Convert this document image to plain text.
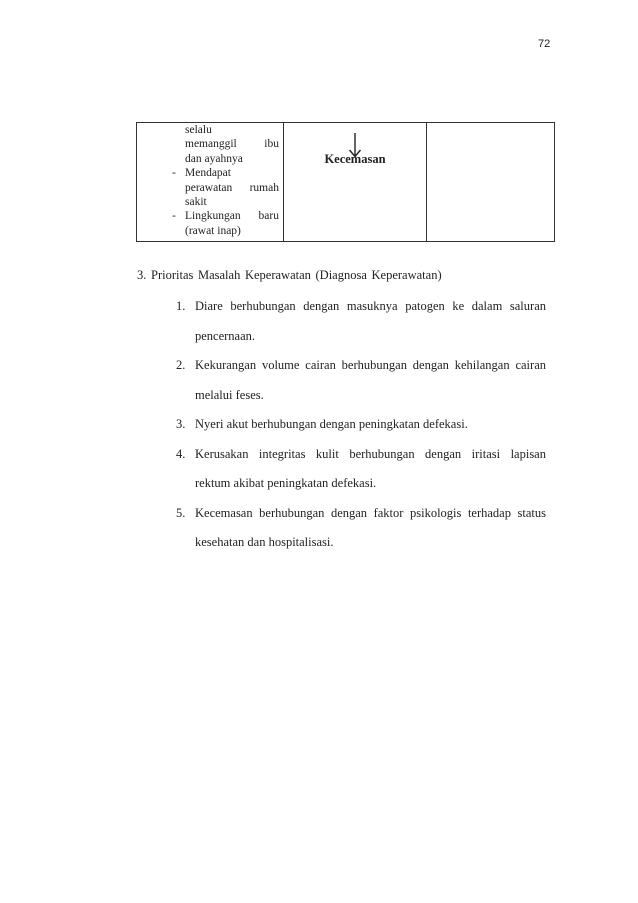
72
selalu
memanggil ibu
dan ayahnya
- Mendapat
perawatan rumah
sakit
- Lingkungan baru
(rawat inap)

Kecemasan

3. Prioritas Masalah Keperawatan (Diagnosa Keperawatan)
1. Diare berhubungan dengan masuknya patogen ke dalam saluran
pencernaan.
2. Kekurangan volume cairan berhubungan dengan kehilangan cairan
melalui feses.
3. Nyeri akut berhubungan dengan peningkatan defekasi.
4. Kerusakan integritas kulit berhubungan dengan iritasi lapisan
rektum akibat peningkatan defekasi.
5. Kecemasan berhubungan dengan faktor psikologis terhadap status
kesehatan dan hospitalisasi.
